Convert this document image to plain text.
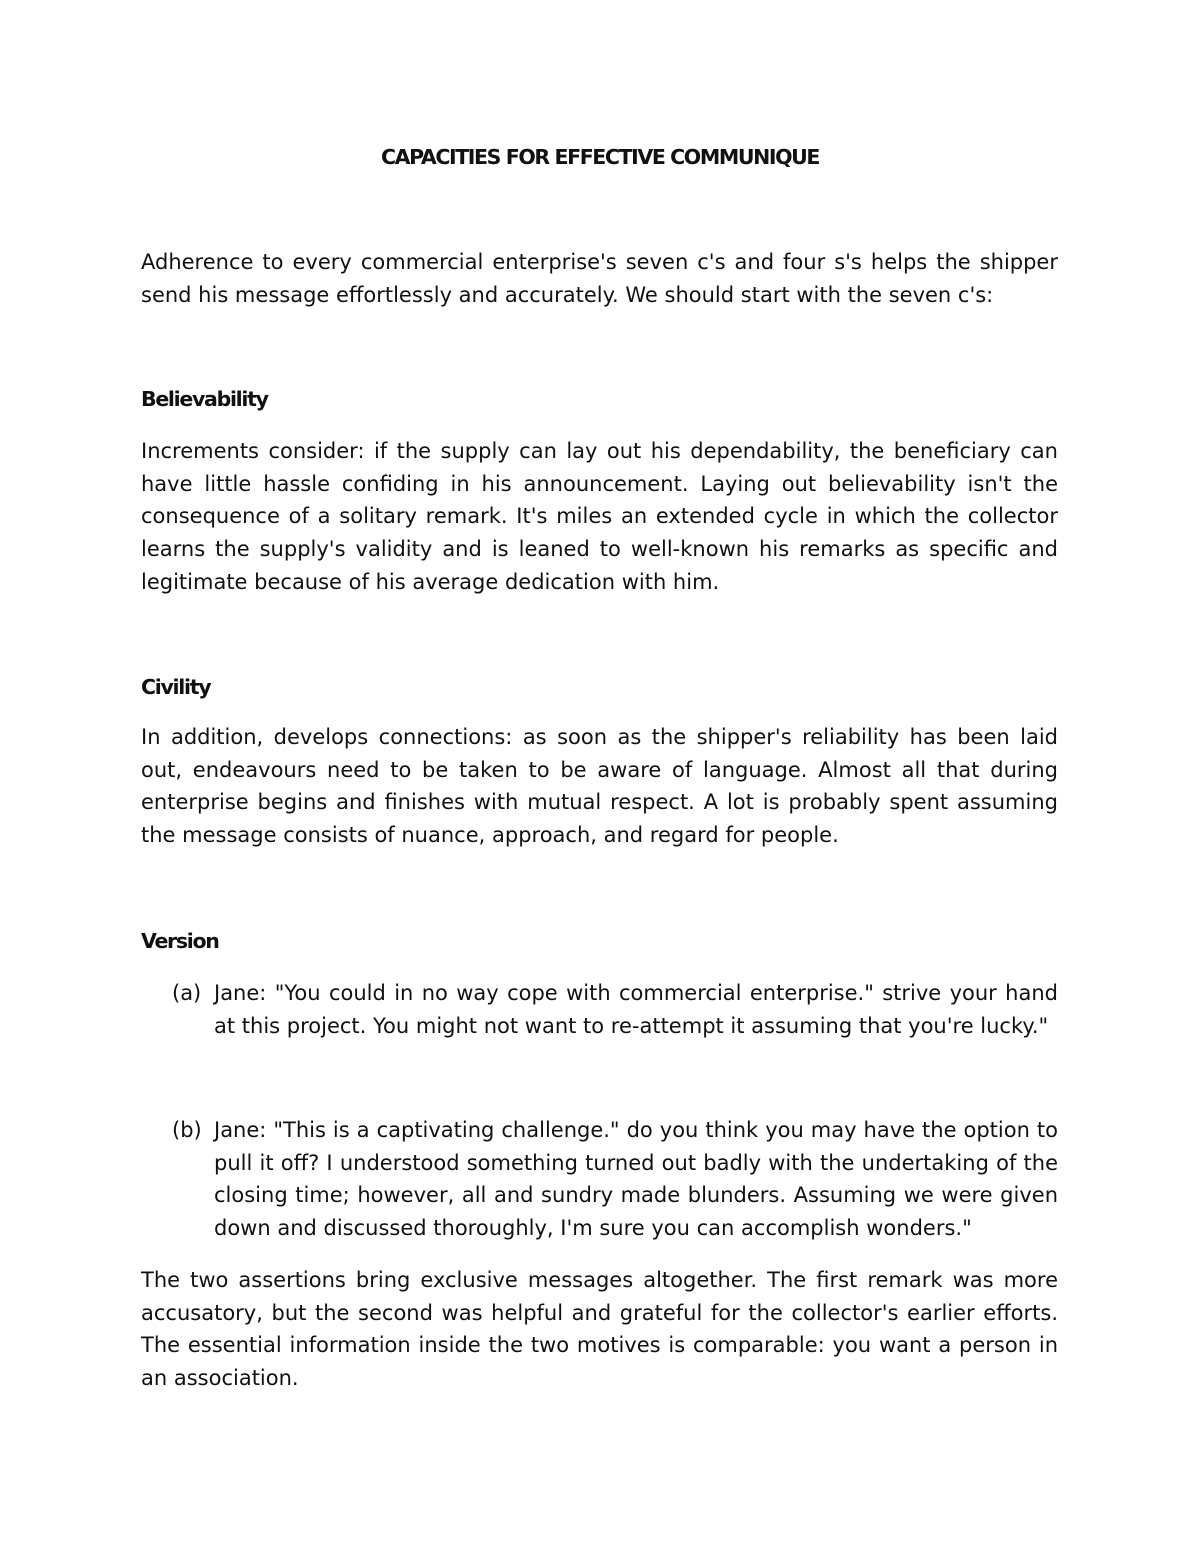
CAPACITIES FOR EFFECTIVE COMMUNIQUE

Adherence to every commercial enterprise's seven c's and four s's helps the shipper send his message effortlessly and accurately. We should start with the seven c's:

Believability

Increments consider: if the supply can lay out his dependability, the beneficiary can have little hassle confiding in his announcement. Laying out believability isn't the consequence of a solitary remark. It's miles an extended cycle in which the collector learns the supply's validity and is leaned to well-known his remarks as specific and legitimate because of his average dedication with him.

Civility

In addition, develops connections: as soon as the shipper's reliability has been laid out, endeavours need to be taken to be aware of language. Almost all that during enterprise begins and finishes with mutual respect. A lot is probably spent assuming the message consists of nuance, approach, and regard for people.

Version
(a) Jane: "You could in no way cope with commercial enterprise." strive your hand at this project. You might not want to re-attempt it assuming that you're lucky."
(b) Jane: "This is a captivating challenge." do you think you may have the option to pull it off? I understood something turned out badly with the undertaking of the closing time; however, all and sundry made blunders. Assuming we were given down and discussed thoroughly, I'm sure you can accomplish wonders."

The two assertions bring exclusive messages altogether. The first remark was more accusatory, but the second was helpful and grateful for the collector's earlier efforts. The essential information inside the two motives is comparable: you want a person in an association.
